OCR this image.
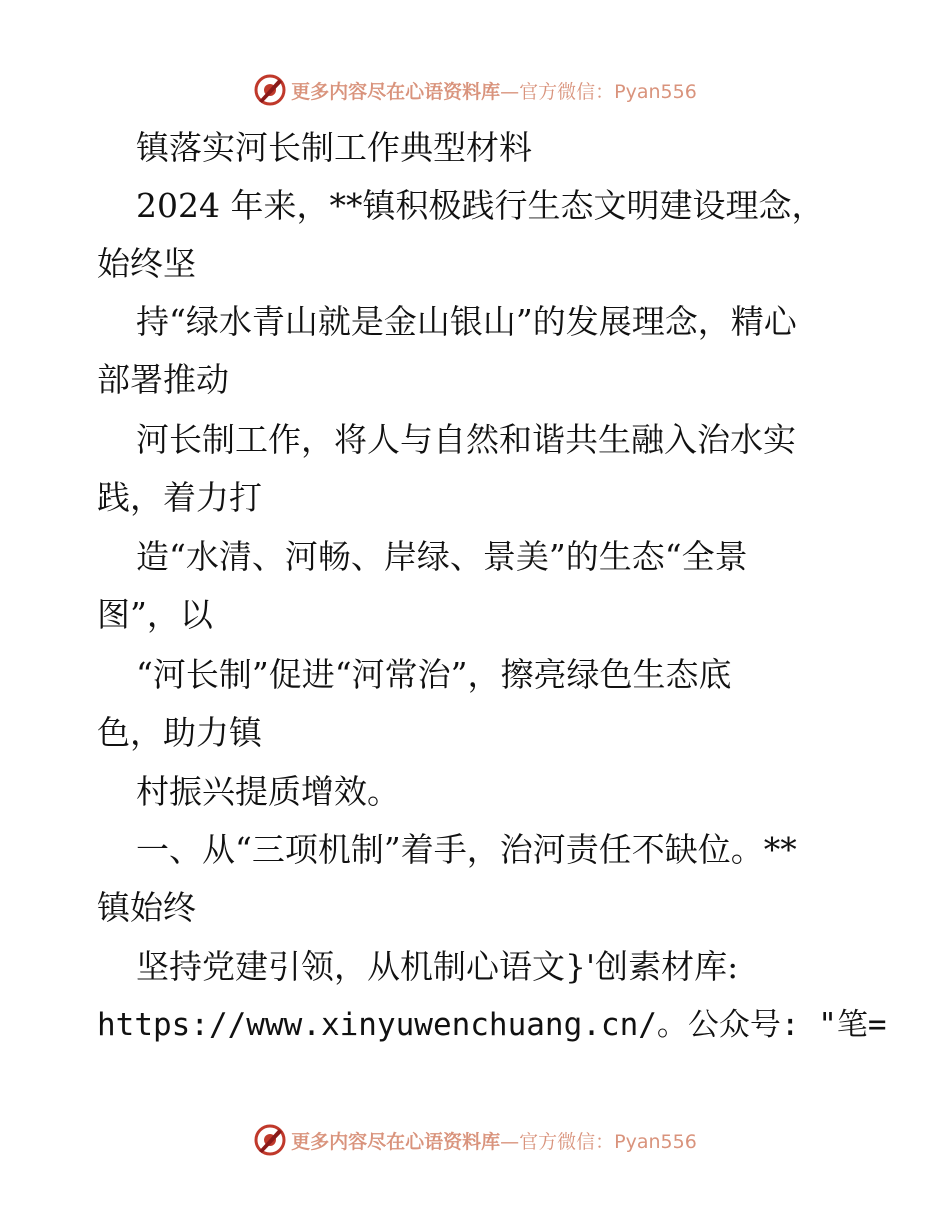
更多内容尽在心语资料库 —官方微信：Pyan556
镇落实河长制工作典型材料
2024 年来，**镇积极践行生态文明建设理念，
始终坚
持“绿水青山就是金山银山”的发展理念，精心
部署推动
河长制工作，将人与自然和谐共生融入治水实
践，着力打
造“水清、河畅、岸绿、景美”的生态“全景
图”，以
“河长制”促进“河常治”，擦亮绿色生态底
色，助力镇
村振兴提质增效。
一、从“三项机制”着手，治河责任不缺位。**
镇始终
坚持党建引领，从机制心语文}'创素材库:
https://www.xinyuwenchuang.cn/。公众号: "笔=
更多内容尽在心语资料库 —官方微信：Pyan556
